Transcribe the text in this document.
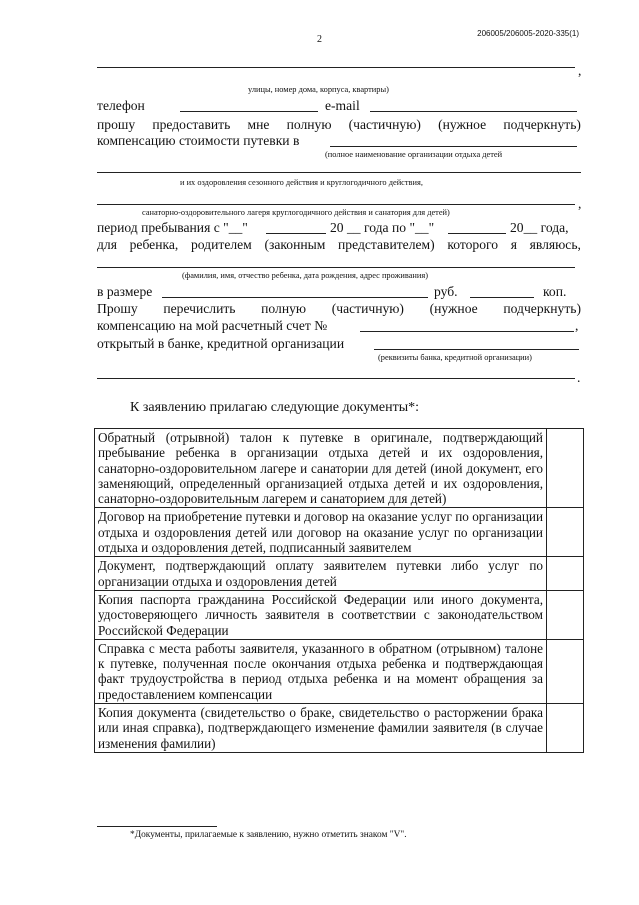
206005/206005-2020-335(1)
2
,
улицы, номер дома, корпуса, квартиры)
телефон	e-mail
прошу предоставить мне полную (частичную) (нужное подчеркнуть)
компенсацию стоимости путевки в
(полное наименование организации отдыха детей
и их оздоровления сезонного действия и круглогодичного действия,
,
санаторно-оздоровительного лагеря круглогодичного действия и санатория для детей)
период пребывания с "__"	20 __ года по "__"	20__ года,
для ребенка, родителем (законным представителем) которого я являюсь,
(фамилия, имя, отчество ребенка, дата рождения, адрес проживания)
в размере	руб.	коп.
Прошу перечислить полную (частичную) (нужное подчеркнуть)
компенсацию на мой расчетный счет №	,
открытый в банке, кредитной организации
(реквизиты банка, кредитной организации)
.
К заявлению прилагаю следующие документы*:
Обратный (отрывной) талон к путевке в оригинале, подтверждающий пребывание ребенка в организации отдыха детей и их оздоровления, санаторно-оздоровительном лагере и санатории для детей (иной документ, его заменяющий, определенный организацией отдыха детей и их оздоровления, санаторно-оздоровительным лагерем и санаторием для детей)	
Договор на приобретение путевки и договор на оказание услуг по организации отдыха и оздоровления детей или договор на оказание услуг по организации отдыха и оздоровления детей, подписанный заявителем	
Документ, подтверждающий оплату заявителем путевки либо услуг по организации отдыха и оздоровления детей	
Копия паспорта гражданина Российской Федерации или иного документа, удостоверяющего личность заявителя в соответствии с законодательством Российской Федерации	
Справка с места работы заявителя, указанного в обратном (отрывном) талоне к путевке, полученная после окончания отдыха ребенка и подтверждающая факт трудоустройства в период отдыха ребенка и на момент обращения за предоставлением компенсации	
Копия документа (свидетельство о браке, свидетельство о расторжении брака или иная справка), подтверждающего изменение фамилии заявителя (в случае изменения фамилии)	
*Документы, прилагаемые к заявлению, нужно отметить знаком "V".
